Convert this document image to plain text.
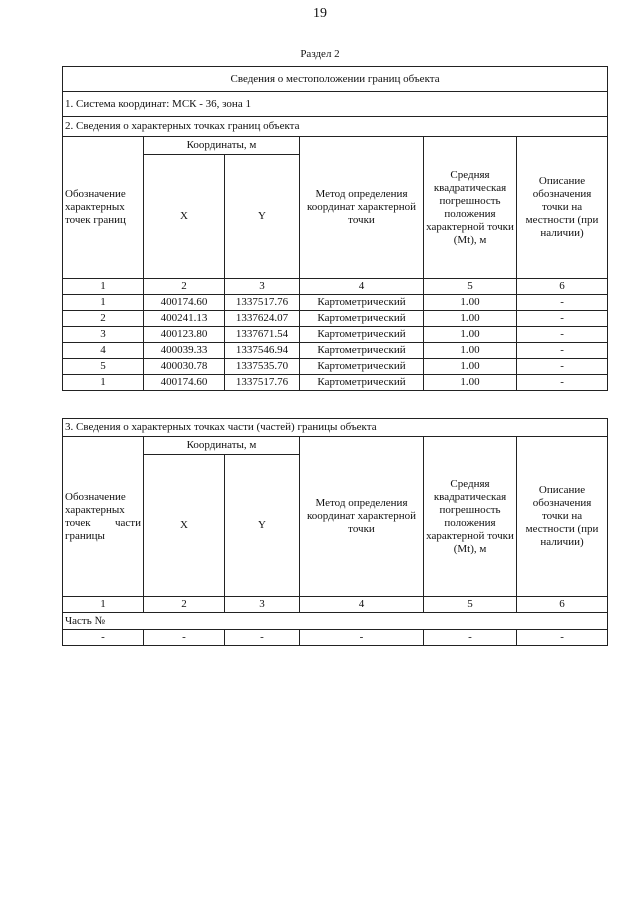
19
Раздел 2
Сведения о местоположении границ объекта					
1. Система координат: МСК - 36, зона 1					
2. Сведения о характерных точках границ объекта					
Обозначение характерных точек границ	Координаты, м		Метод определения координат характерной точки	Средняя квадратическая погрешность положения характерной точки (Mt), м	Описание обозначения точки на местности (при наличии)
	X	Y			
1	2	3	4	5	6
1	400174.60	1337517.76	Картометрический	1.00	-
2	400241.13	1337624.07	Картометрический	1.00	-
3	400123.80	1337671.54	Картометрический	1.00	-
4	400039.33	1337546.94	Картометрический	1.00	-
5	400030.78	1337535.70	Картометрический	1.00	-
1	400174.60	1337517.76	Картометрический	1.00	-
3. Сведения о характерных точках части (частей) границы объекта					
Обозначение характерных точек части границы	Координаты, м		Метод определения координат характерной точки	Средняя квадратическая погрешность положения характерной точки (Mt), м	Описание обозначения точки на местности (при наличии)
	X	Y			
1	2	3	4	5	6
Часть №					
-	-	-	-	-	-
